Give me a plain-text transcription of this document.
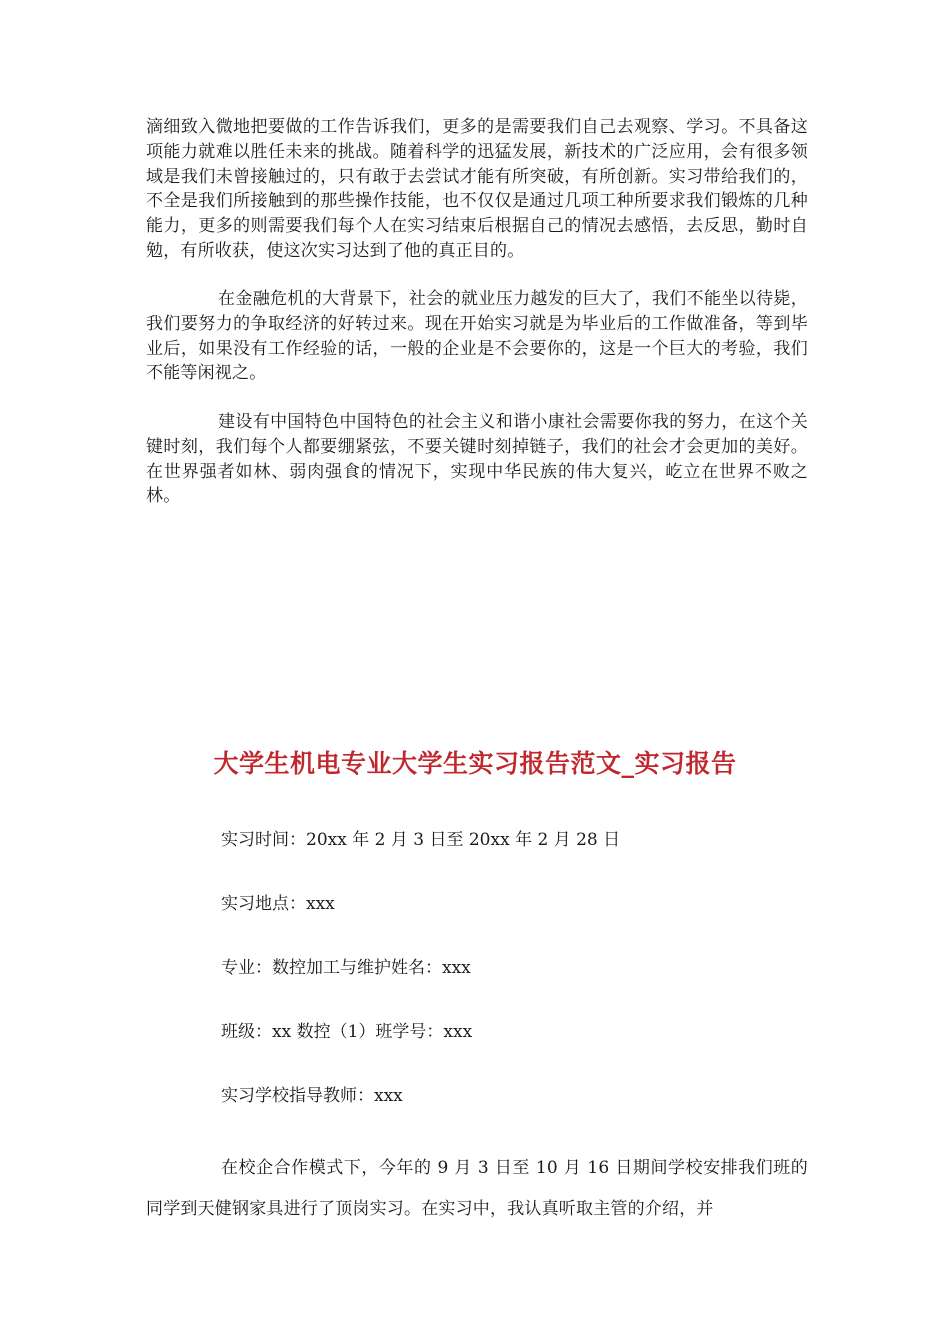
滴细致入微地把要做的工作告诉我们，更多的是需要我们自己去观察、学习。不具备这项能力就难以胜任未来的挑战。随着科学的迅猛发展，新技术的广泛应用，会有很多领域是我们未曾接触过的，只有敢于去尝试才能有所突破，有所创新。实习带给我们的，不全是我们所接触到的那些操作技能，也不仅仅是通过几项工种所要求我们锻炼的几种能力，更多的则需要我们每个人在实习结束后根据自己的情况去感悟，去反思，勤时自勉，有所收获，使这次实习达到了他的真正目的。

在金融危机的大背景下，社会的就业压力越发的巨大了，我们不能坐以待毙，我们要努力的争取经济的好转过来。现在开始实习就是为毕业后的工作做准备，等到毕业后，如果没有工作经验的话，一般的企业是不会要你的，这是一个巨大的考验，我们不能等闲视之。

建设有中国特色中国特色的社会主义和谐小康社会需要你我的努力，在这个关键时刻，我们每个人都要绷紧弦，不要关键时刻掉链子，我们的社会才会更加的美好。在世界强者如林、弱肉强食的情况下，实现中华民族的伟大复兴，屹立在世界不败之林。

大学生机电专业大学生实习报告范文_实习报告

实习时间：20xx 年 2 月 3 日至 20xx 年 2 月 28 日

实习地点：xxx

专业：数控加工与维护姓名：xxx

班级：xx 数控（1）班学号：xxx

实习学校指导教师：xxx

在校企合作模式下，今年的 9 月 3 日至 10 月 16 日期间学校安排我们班的同学到天健钢家具进行了顶岗实习。在实习中，我认真听取主管的介绍，并
